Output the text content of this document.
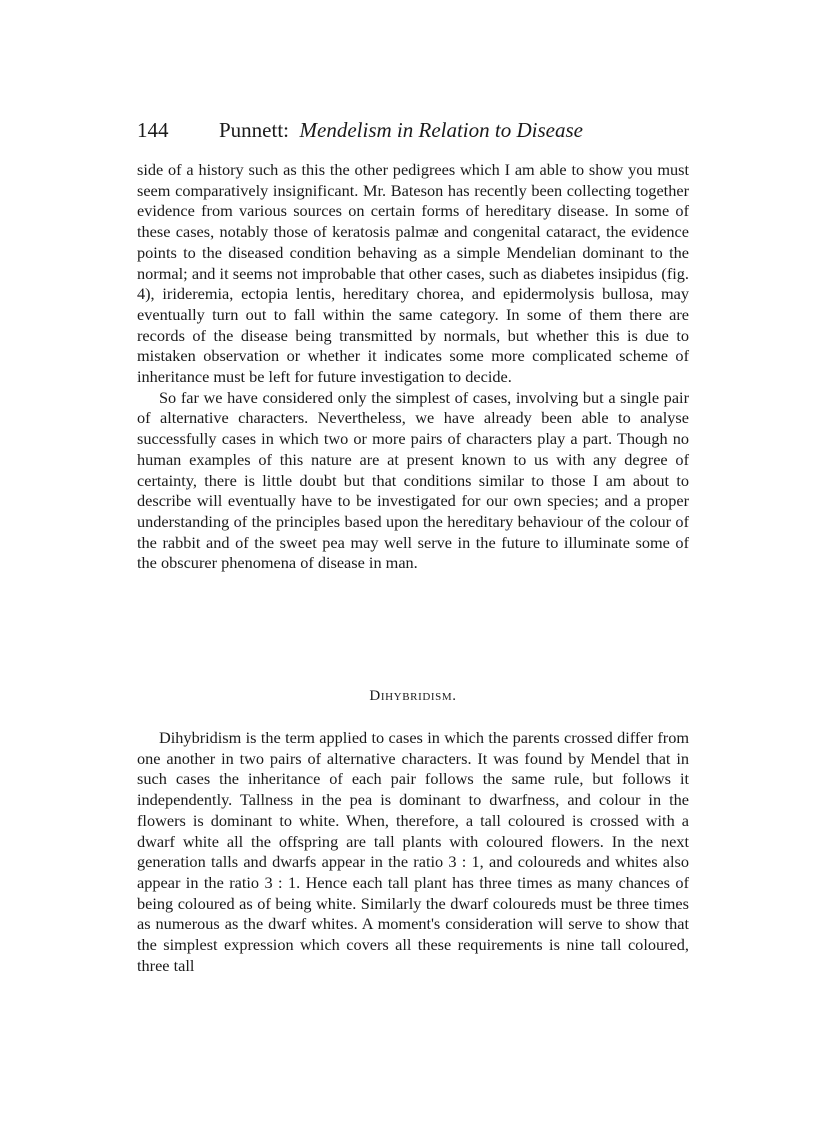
144 Punnett: Mendelism in Relation to Disease

side of a history such as this the other pedigrees which I am able to show you must seem comparatively insignificant. Mr. Bateson has recently been collecting together evidence from various sources on certain forms of hereditary disease. In some of these cases, notably those of keratosis palmæ and congenital cataract, the evidence points to the diseased condition behaving as a simple Mendelian dominant to the normal; and it seems not improbable that other cases, such as diabetes insipidus (fig. 4), irideremia, ectopia lentis, hereditary chorea, and epidermolysis bullosa, may eventually turn out to fall within the same category. In some of them there are records of the disease being transmitted by normals, but whether this is due to mistaken observation or whether it indicates some more complicated scheme of inheritance must be left for future investigation to decide.

So far we have considered only the simplest of cases, involving but a single pair of alternative characters. Nevertheless, we have already been able to analyse successfully cases in which two or more pairs of characters play a part. Though no human examples of this nature are at present known to us with any degree of certainty, there is little doubt but that conditions similar to those I am about to describe will eventually have to be investigated for our own species; and a proper understanding of the principles based upon the hereditary behaviour of the colour of the rabbit and of the sweet pea may well serve in the future to illuminate some of the obscurer phenomena of disease in man.

Dihybridism.

Dihybridism is the term applied to cases in which the parents crossed differ from one another in two pairs of alternative characters. It was found by Mendel that in such cases the inheritance of each pair follows the same rule, but follows it independently. Tallness in the pea is dominant to dwarfness, and colour in the flowers is dominant to white. When, therefore, a tall coloured is crossed with a dwarf white all the offspring are tall plants with coloured flowers. In the next generation talls and dwarfs appear in the ratio 3 : 1, and coloureds and whites also appear in the ratio 3 : 1. Hence each tall plant has three times as many chances of being coloured as of being white. Similarly the dwarf coloureds must be three times as numerous as the dwarf whites. A moment's consideration will serve to show that the simplest expression which covers all these requirements is nine tall coloured, three tall
